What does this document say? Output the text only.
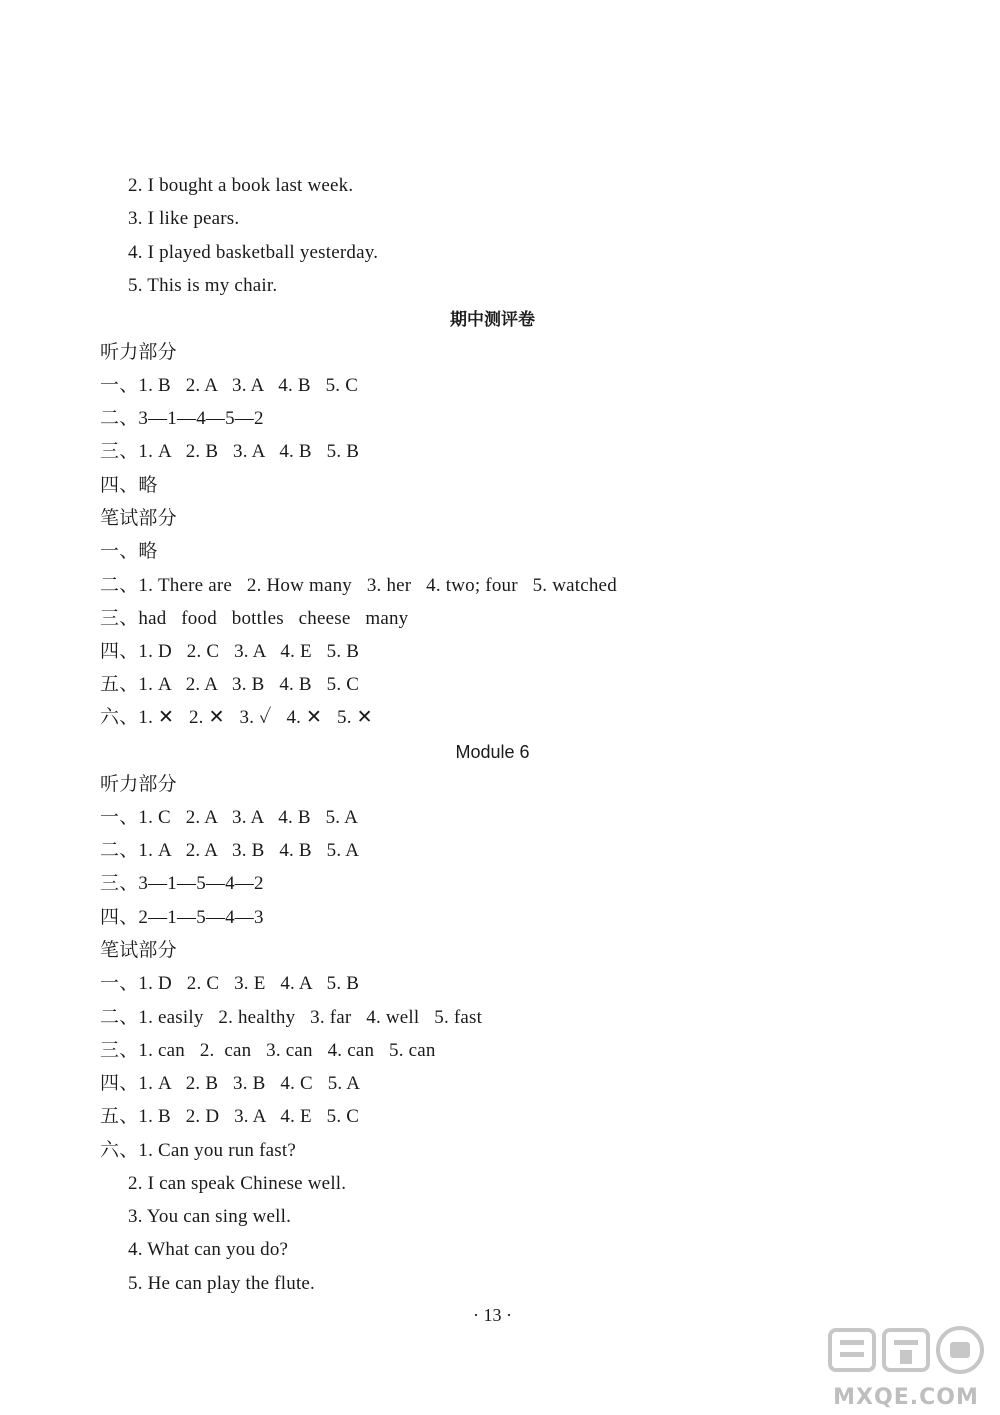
2. I bought a book last week.
3. I like pears.
4. I played basketball yesterday.
5. This is my chair.
期中测评卷
听力部分
一、1. B   2. A   3. A   4. B   5. C
二、3—1—4—5—2
三、1. A   2. B   3. A   4. B   5. B
四、略
笔试部分
一、略
二、1. There are   2. How many   3. her   4. two; four   5. watched
三、had   food   bottles   cheese   many
四、1. D   2. C   3. A   4. E   5. B
五、1. A   2. A   3. B   4. B   5. C
六、1. ✕   2. ✕   3. ✓   4. ✕   5. ✕
Module 6
听力部分
一、1. C   2. A   3. A   4. B   5. A
二、1. A   2. A   3. B   4. B   5. A
三、3—1—5—4—2
四、2—1—5—4—3
笔试部分
一、1. D   2. C   3. E   4. A   5. B
二、1. easily   2. healthy   3. far   4. well   5. fast
三、1. can   2.  can   3. can   4. can   5. can
四、1. A   2. B   3. B   4. C   5. A
五、1. B   2. D   3. A   4. E   5. C
六、1. Can you run fast?
2. I can speak Chinese well.
3. You can sing well.
4. What can you do?
5. He can play the flute.
· 13 ·
MXQE.COM
